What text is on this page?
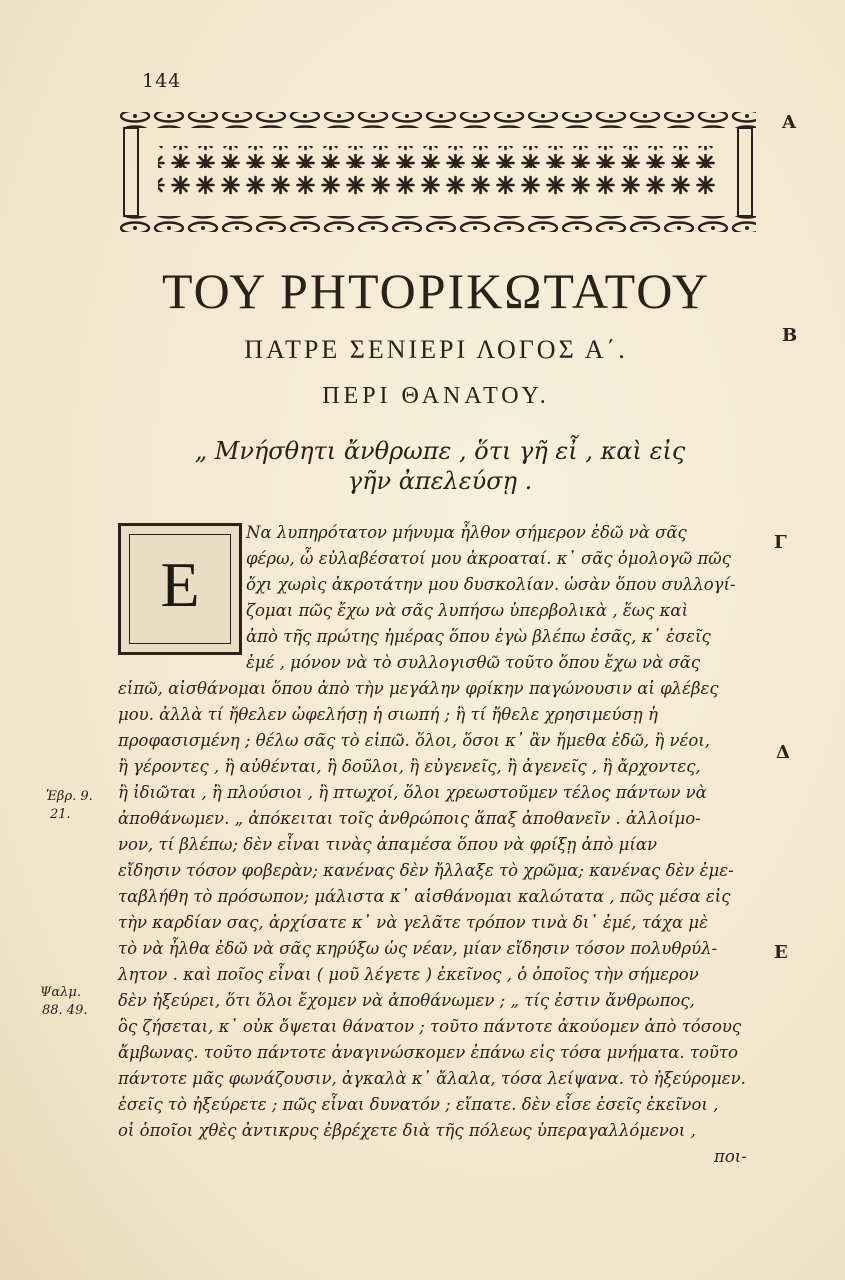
144
A
B
Γ
Δ
E
ΤΟΥ ΡΗΤΟΡΙΚΩΤΑΤΟΥ
ΠΑΤΡΕ ΣΕΝΙΕΡΙ ΛΟΓΟΣ Α΄.
ΠΕΡΙ ΘΑΝΑΤΟΥ.
„ Μνήσθητι ἄνθρωπε , ὅτι γῆ εἶ , καὶ εἰς
γῆν ἀπελεύσῃ .
E
Ἑβρ. 9.
21.
Ψαλμ.
88. 49.
Να λυπηρότατον μήνυμα ἦλθον σήμερον ἐδῶ νὰ σᾶς
φέρω, ὦ εὐλαβέσατοί μου ἀκροαταί. κ᾽ σᾶς ὁμολογῶ πῶς
ὄχι χωρὶς ἀκροτάτην μου δυσκολίαν. ὡσὰν ὅπου συλλογί-
ζομαι πῶς ἔχω νὰ σᾶς λυπήσω ὑπερβολικὰ , ἕως καὶ
ἀπὸ τῆς πρώτης ἡμέρας ὅπου ἐγὼ βλέπω ἐσᾶς, κ᾽ ἐσεῖς
ἐμέ , μόνον νὰ τὸ συλλογισθῶ τοῦτο ὅπου ἔχω νὰ σᾶς
εἰπῶ, αἰσθάνομαι ὅπου ἀπὸ τὴν μεγάλην φρίκην παγώνουσιν αἱ φλέβες
μου. ἀλλὰ τί ἤθελεν ὠφελήσῃ ἡ σιωπή ; ἢ τί ἤθελε χρησιμεύσῃ ἡ
προφασισμένη ; θέλω σᾶς τὸ εἰπῶ. ὅλοι, ὅσοι κ᾽ ἂν ἤμεθα ἐδῶ, ἢ νέοι,
ἢ γέροντες , ἢ αὐθένται, ἢ δοῦλοι, ἢ εὐγενεῖς, ἢ ἀγενεῖς , ἢ ἄρχοντες,
ἢ ἰδιῶται , ἢ πλούσιοι , ἢ πτωχοί, ὅλοι χρεωστοῦμεν τέλος πάντων νὰ
ἀποθάνωμεν. „ ἀπόκειται τοῖς ἀνθρώποις ἅπαξ ἀποθανεῖν . ἀλλοίμο-
νον, τί βλέπω; δὲν εἶναι τινὰς ἀπαμέσα ὅπου νὰ φρίξῃ ἀπὸ μίαν
εἴδησιν τόσον φοβερὰν; κανένας δὲν ἤλλαξε τὸ χρῶμα; κανένας δὲν ἐμε-
ταβλήθη τὸ πρόσωπον; μάλιστα κ᾽ αἰσθάνομαι καλώτατα , πῶς μέσα εἰς
τὴν καρδίαν σας, ἀρχίσατε κ᾽ νὰ γελᾶτε τρόπον τινὰ δι᾽ ἐμέ, τάχα μὲ
τὸ νὰ ἦλθα ἐδῶ νὰ σᾶς κηρύξω ὡς νέαν, μίαν εἴδησιν τόσον πολυθρύλ-
λητον . καὶ ποῖος εἶναι ( μοῦ λέγετε ) ἐκεῖνος , ὁ ὁποῖος τὴν σήμερον
δὲν ἠξεύρει, ὅτι ὅλοι ἔχομεν νὰ ἀποθάνωμεν ; „ τίς ἐστιν ἄνθρωπος,
ὃς ζήσεται, κ᾽ οὐκ ὄψεται θάνατον ; τοῦτο πάντοτε ἀκούομεν ἀπὸ τόσους
ἄμβωνας. τοῦτο πάντοτε ἀναγινώσκομεν ἐπάνω εἰς τόσα μνήματα. τοῦτο
πάντοτε μᾶς φωνάζουσιν, ἀγκαλὰ κ᾽ ἄλαλα, τόσα λείψανα. τὸ ἠξεύρομεν.
ἐσεῖς τὸ ἠξεύρετε ; πῶς εἶναι δυνατόν ; εἴπατε. δὲν εἶσε ἐσεῖς ἐκεῖνοι ,
οἱ ὁποῖοι χθὲς ἀντικρυς ἐβρέχετε διὰ τῆς πόλεως ὑπεραγαλλόμενοι ,
ποι-
